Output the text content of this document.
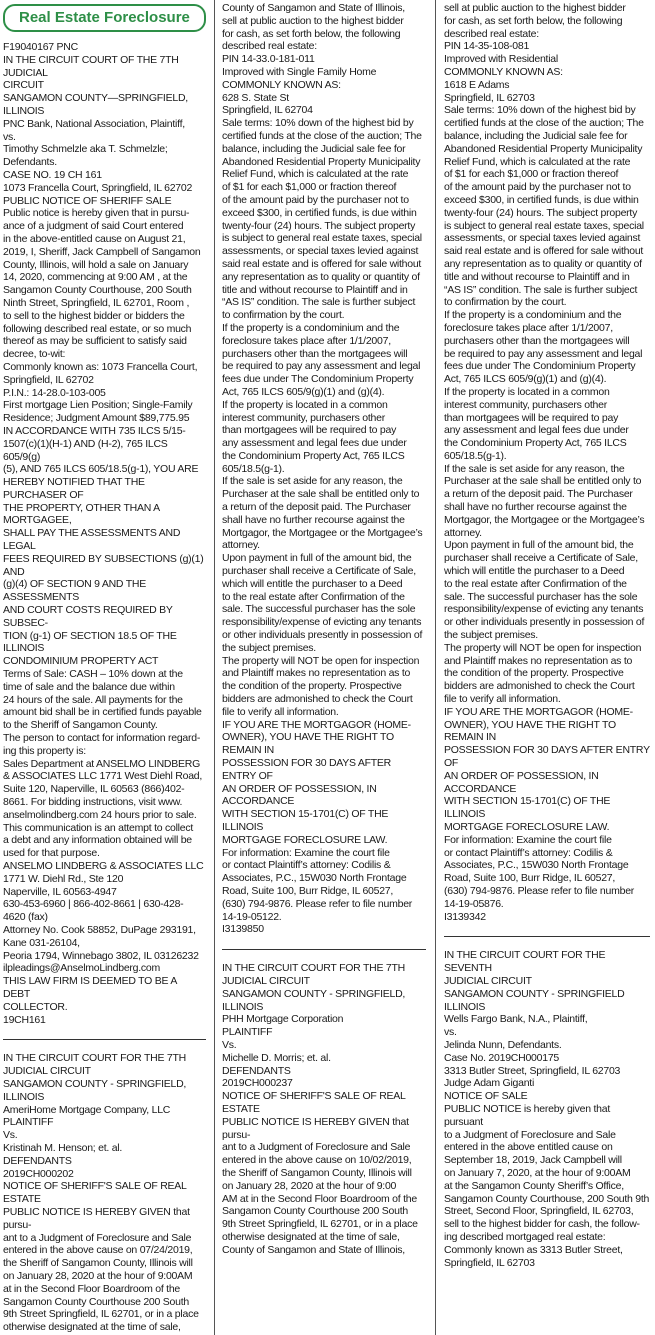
Real Estate Foreclosure

F19040167 PNC

IN THE CIRCUIT COURT OF THE 7TH JUDICIAL

CIRCUIT

SANGAMON COUNTY—SPRINGFIELD,

ILLINOIS

PNC Bank, National Association, Plaintiff,

vs.

Timothy Schmelzle aka T. Schmelzle;

Defendants.

CASE NO. 19 CH 161

1073 Francella Court, Springfield, IL 62702

PUBLIC NOTICE OF SHERIFF SALE

Public notice is hereby given that in pursu-

ance of a judgment of said Court entered

in the above-entitled cause on August 21,

2019, I, Sheriff, Jack Campbell of Sangamon

County, Illinois, will hold a sale on January

14, 2020, commencing at 9:00 AM , at the

Sangamon County Courthouse, 200 South

Ninth Street, Springfield, IL 62701, Room ,

to sell to the highest bidder or bidders the

following described real estate, or so much

thereof as may be sufficient to satisfy said

decree, to-wit:

Commonly known as: 1073 Francella Court,

Springfield, IL 62702

P.I.N.: 14-28.0-103-005

First mortgage Lien Position; Single-Family

Residence; Judgment Amount $89,775.95

IN ACCORDANCE WITH 735 ILCS 5/15-

1507(c)(1)(H-1) AND (H-2), 765 ILCS 605/9(g)

(5), AND 765 ILCS 605/18.5(g-1), YOU ARE

HEREBY NOTIFIED THAT THE PURCHASER OF

THE PROPERTY, OTHER THAN A MORTGAGEE,

SHALL PAY THE ASSESSMENTS AND LEGAL

FEES REQUIRED BY SUBSECTIONS (g)(1) AND

(g)(4) OF SECTION 9 AND THE ASSESSMENTS

AND COURT COSTS REQUIRED BY SUBSEC-

TION (g-1) OF SECTION 18.5 OF THE ILLINOIS

CONDOMINIUM PROPERTY ACT

Terms of Sale: CASH – 10% down at the

time of sale and the balance due within

24 hours of the sale. All payments for the

amount bid shall be in certified funds payable

to the Sheriff of Sangamon County.

The person to contact for information regard-

ing this property is:

Sales Department at ANSELMO LINDBERG

& ASSOCIATES LLC 1771 West Diehl Road,

Suite 120, Naperville, IL 60563 (866)402-

8661. For bidding instructions, visit www.

anselmolindberg.com 24 hours prior to sale.

This communication is an attempt to collect

a debt and any information obtained will be

used for that purpose.

ANSELMO LINDBERG & ASSOCIATES LLC

1771 W. Diehl Rd., Ste 120

Naperville, IL 60563-4947

630-453-6960 | 866-402-8661 | 630-428-

4620 (fax)

Attorney No. Cook 58852, DuPage 293191,

Kane 031-26104,

Peoria 1794, Winnebago 3802, IL 03126232

ilpleadings@AnselmoLindberg.com

THIS LAW FIRM IS DEEMED TO BE A DEBT

COLLECTOR.

19CH161

IN THE CIRCUIT COURT FOR THE 7TH

JUDICIAL CIRCUIT

SANGAMON COUNTY - SPRINGFIELD,

ILLINOIS

AmeriHome Mortgage Company, LLC

PLAINTIFF

Vs.

Kristinah M. Henson; et. al.

DEFENDANTS

2019CH000202

NOTICE OF SHERIFF'S SALE OF REAL ESTATE

PUBLIC NOTICE IS HEREBY GIVEN that pursu-

ant to a Judgment of Foreclosure and Sale

entered in the above cause on 07/24/2019,

the Sheriff of Sangamon County, Illinois will

on January 28, 2020 at the hour of 9:00AM

at in the Second Floor Boardroom of the

Sangamon County Courthouse 200 South

9th Street Springfield, IL 62701, or in a place

otherwise designated at the time of sale,

County of Sangamon and State of Illinois,

sell at public auction to the highest bidder

for cash, as set forth below, the following

described real estate:

PIN 14-33.0-181-011

Improved with Single Family Home

COMMONLY KNOWN AS:

628 S. State St

Springfield, IL 62704

Sale terms: 10% down of the highest bid by

certified funds at the close of the auction; The

balance, including the Judicial sale fee for

Abandoned Residential Property Municipality

Relief Fund, which is calculated at the rate

of $1 for each $1,000 or fraction thereof

of the amount paid by the purchaser not to

exceed $300, in certified funds, is due within

twenty-four (24) hours. The subject property

is subject to general real estate taxes, special

assessments, or special taxes levied against

said real estate and is offered for sale without

any representation as to quality or quantity of

title and without recourse to Plaintiff and in

“AS IS” condition. The sale is further subject

to confirmation by the court.

If the property is a condominium and the

foreclosure takes place after 1/1/2007,

purchasers other than the mortgagees will

be required to pay any assessment and legal

fees due under The Condominium Property

Act, 765 ILCS 605/9(g)(1) and (g)(4).

If the property is located in a common

interest community, purchasers other

than mortgagees will be required to pay

any assessment and legal fees due under

the Condominium Property Act, 765 ILCS

605/18.5(g-1).

If the sale is set aside for any reason, the

Purchaser at the sale shall be entitled only to

a return of the deposit paid. The Purchaser

shall have no further recourse against the

Mortgagor, the Mortgagee or the Mortgagee’s

attorney.

Upon payment in full of the amount bid, the

purchaser shall receive a Certificate of Sale,

which will entitle the purchaser to a Deed

to the real estate after Confirmation of the

sale. The successful purchaser has the sole

responsibility/expense of evicting any tenants

or other individuals presently in possession of

the subject premises.

The property will NOT be open for inspection

and Plaintiff makes no representation as to

the condition of the property. Prospective

bidders are admonished to check the Court

file to verify all information.

IF YOU ARE THE MORTGAGOR (HOME-

OWNER), YOU HAVE THE RIGHT TO REMAIN IN

POSSESSION FOR 30 DAYS AFTER ENTRY OF

AN ORDER OF POSSESSION, IN ACCORDANCE

WITH SECTION 15-1701(C) OF THE ILLINOIS

MORTGAGE FORECLOSURE LAW.

For information: Examine the court file

or contact Plaintiff’s attorney: Codilis &

Associates, P.C., 15W030 North Frontage

Road, Suite 100, Burr Ridge, IL 60527,

(630) 794-9876. Please refer to file number

14-19-05122.

I3139850

IN THE CIRCUIT COURT FOR THE 7TH

JUDICIAL CIRCUIT

SANGAMON COUNTY - SPRINGFIELD,

ILLINOIS

PHH Mortgage Corporation

PLAINTIFF

Vs.

Michelle D. Morris; et. al.

DEFENDANTS

2019CH000237

NOTICE OF SHERIFF'S SALE OF REAL ESTATE

PUBLIC NOTICE IS HEREBY GIVEN that pursu-

ant to a Judgment of Foreclosure and Sale

entered in the above cause on 10/02/2019,

the Sheriff of Sangamon County, Illinois will

on January 28, 2020 at the hour of 9:00

AM at in the Second Floor Boardroom of the

Sangamon County Courthouse 200 South

9th Street Springfield, IL 62701, or in a place

otherwise designated at the time of sale,

County of Sangamon and State of Illinois,

sell at public auction to the highest bidder

for cash, as set forth below, the following

described real estate:

PIN 14-35-108-081

Improved with Residential

COMMONLY KNOWN AS:

1618 E Adams

Springfield, IL 62703

Sale terms: 10% down of the highest bid by

certified funds at the close of the auction; The

balance, including the Judicial sale fee for

Abandoned Residential Property Municipality

Relief Fund, which is calculated at the rate

of $1 for each $1,000 or fraction thereof

of the amount paid by the purchaser not to

exceed $300, in certified funds, is due within

twenty-four (24) hours. The subject property

is subject to general real estate taxes, special

assessments, or special taxes levied against

said real estate and is offered for sale without

any representation as to quality or quantity of

title and without recourse to Plaintiff and in

“AS IS” condition. The sale is further subject

to confirmation by the court.

If the property is a condominium and the

foreclosure takes place after 1/1/2007,

purchasers other than the mortgagees will

be required to pay any assessment and legal

fees due under The Condominium Property

Act, 765 ILCS 605/9(g)(1) and (g)(4).

If the property is located in a common

interest community, purchasers other

than mortgagees will be required to pay

any assessment and legal fees due under

the Condominium Property Act, 765 ILCS

605/18.5(g-1).

If the sale is set aside for any reason, the

Purchaser at the sale shall be entitled only to

a return of the deposit paid. The Purchaser

shall have no further recourse against the

Mortgagor, the Mortgagee or the Mortgagee’s

attorney.

Upon payment in full of the amount bid, the

purchaser shall receive a Certificate of Sale,

which will entitle the purchaser to a Deed

to the real estate after Confirmation of the

sale. The successful purchaser has the sole

responsibility/expense of evicting any tenants

or other individuals presently in possession of

the subject premises.

The property will NOT be open for inspection

and Plaintiff makes no representation as to

the condition of the property. Prospective

bidders are admonished to check the Court

file to verify all information.

IF YOU ARE THE MORTGAGOR (HOME-

OWNER), YOU HAVE THE RIGHT TO REMAIN IN

POSSESSION FOR 30 DAYS AFTER ENTRY OF

AN ORDER OF POSSESSION, IN ACCORDANCE

WITH SECTION 15-1701(C) OF THE ILLINOIS

MORTGAGE FORECLOSURE LAW.

For information: Examine the court file

or contact Plaintiff’s attorney: Codilis &

Associates, P.C., 15W030 North Frontage

Road, Suite 100, Burr Ridge, IL 60527,

(630) 794-9876. Please refer to file number

14-19-05876.

I3139342

IN THE CIRCUIT COURT FOR THE SEVENTH

JUDICIAL CIRCUIT

SANGAMON COUNTY - SPRINGFIELD ILLINOIS

Wells Fargo Bank, N.A., Plaintiff,

vs.

Jelinda Nunn, Defendants.

Case No. 2019CH000175

3313 Butler Street, Springfield, IL 62703

Judge Adam Giganti

NOTICE OF SALE

PUBLIC NOTICE is hereby given that pursuant

to a Judgment of Foreclosure and Sale

entered in the above entitled cause on

September 18, 2019, Jack Campbell will

on January 7, 2020, at the hour of 9:00AM

at the Sangamon County Sheriff’s Office,

Sangamon County Courthouse, 200 South 9th

Street, Second Floor, Springfield, IL 62703,

sell to the highest bidder for cash, the follow-

ing described mortgaged real estate:

Commonly known as 3313 Butler Street,

Springfield, IL 62703
